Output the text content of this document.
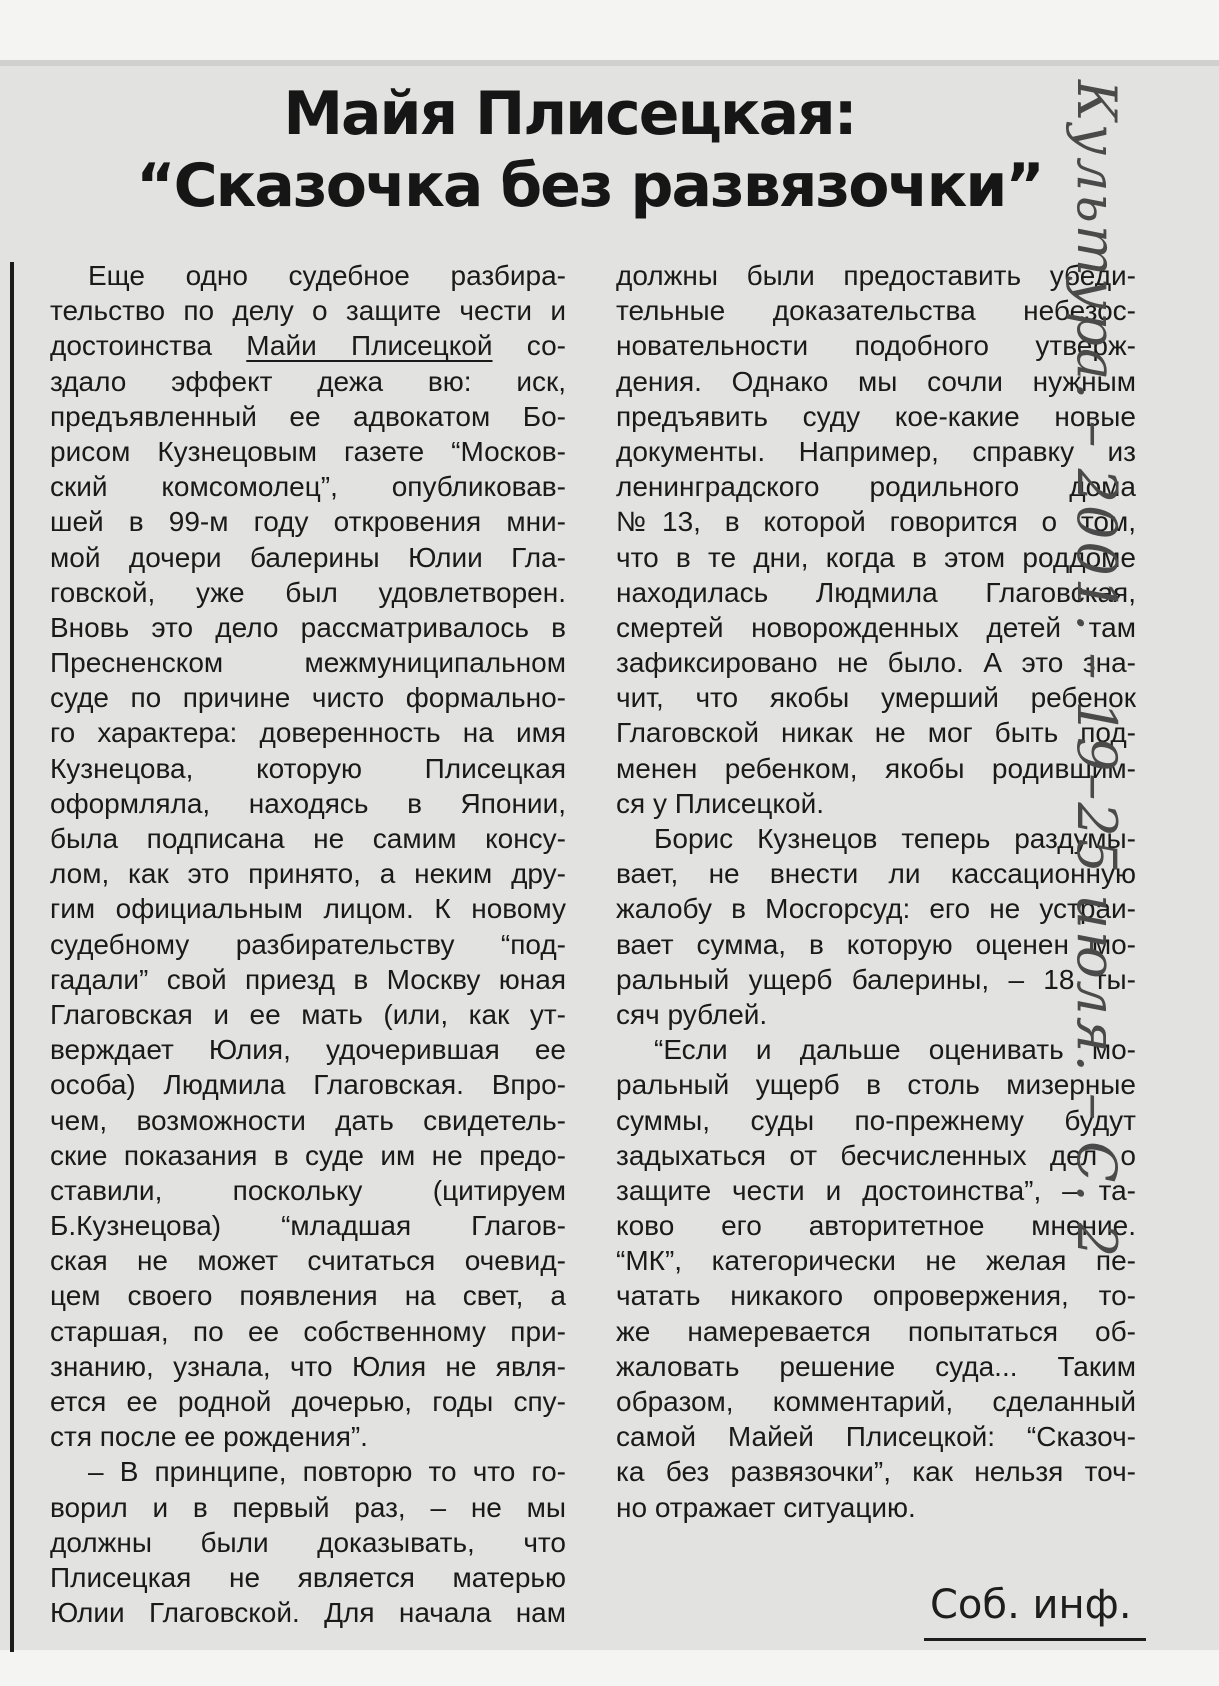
Майя Плисецкая:
“Сказочка без развязочки”
Еще одно судебное разбира-
тельство по делу о защите чести и
достоинства Майи Плисецкой со-
здало эффект дежа вю: иск,
предъявленный ее адвокатом Бо-
рисом Кузнецовым газете “Москов-
ский комсомолец”, опубликовав-
шей в 99-м году откровения мни-
мой дочери балерины Юлии Гла-
говской, уже был удовлетворен.
Вновь это дело рассматривалось в
Пресненском межмуниципальном
суде по причине чисто формально-
го характера: доверенность на имя
Кузнецова, которую Плисецкая
оформляла, находясь в Японии,
была подписана не самим консу-
лом, как это принято, а неким дру-
гим официальным лицом. К новому
судебному разбирательству “под-
гадали” свой приезд в Москву юная
Глаговская и ее мать (или, как ут-
верждает Юлия, удочерившая ее
особа) Людмила Глаговская. Впро-
чем, возможности дать свидетель-
ские показания в суде им не предо-
ставили, поскольку (цитируем
Б.Кузнецова) “младшая Глагов-
ская не может считаться очевид-
цем своего появления на свет, а
старшая, по ее собственному при-
знанию, узнала, что Юлия не явля-
ется ее родной дочерью, годы спу-
стя после ее рождения”.
– В принципе, повторю то что го-
ворил и в первый раз, – не мы
должны были доказывать, что
Плисецкая не является матерью
Юлии Глаговской. Для начала нам
должны были предоставить убеди-
тельные доказательства небезос-
новательности подобного утверж-
дения. Однако мы сочли нужным
предъявить суду кое-какие новые
документы. Например, справку из
ленинградского родильного дома
№13, в которой говорится о том,
что в те дни, когда в этом роддоме
находилась Людмила Глаговская,
смертей новорожденных детей там
зафиксировано не было. А это зна-
чит, что якобы умерший ребенок
Глаговской никак не мог быть под-
менен ребенком, якобы родившим-
ся у Плисецкой.
Борис Кузнецов теперь раздумы-
вает, не внести ли кассационную
жалобу в Мосгорсуд: его не устраи-
вает сумма, в которую оценен мо-
ральный ущерб балерины, – 18 ты-
сяч рублей.
“Если и дальше оценивать мо-
ральный ущерб в столь мизерные
суммы, суды по-прежнему будут
задыхаться от бесчисленных дел о
защите чести и достоинства”, – та-
ково его авторитетное мнение.
“МК”, категорически не желая пе-
чатать никакого опровержения, то-
же намеревается попытаться об-
жаловать решение суда... Таким
образом, комментарий, сделанный
самой Майей Плисецкой: “Сказоч-
ка без развязочки”, как нельзя точ-
но отражает ситуацию.
Соб. инф.
Культура. – 2001. – 19–25 июля. – С. 2
